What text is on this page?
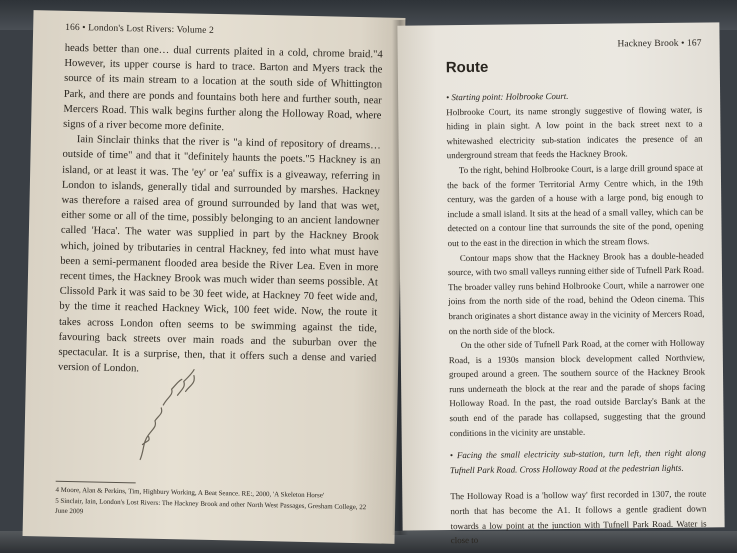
166 • London's Lost Rivers: Volume 2

heads better than one… dual currents plaited in a cold, chrome braid."4 However, its upper course is hard to trace. Barton and Myers track the source of its main stream to a location at the south side of Whittington Park, and there are ponds and fountains both here and further south, near Mercers Road. This walk begins further along the Holloway Road, where signs of a river become more definite.

Iain Sinclair thinks that the river is "a kind of repository of dreams… outside of time" and that it "definitely haunts the poets."5 Hackney is an island, or at least it was. The 'ey' or 'ea' suffix is a giveaway, referring in London to islands, generally tidal and surrounded by marshes. Hackney was therefore a raised area of ground surrounded by land that was wet, either some or all of the time, possibly belonging to an ancient landowner called 'Haca'. The water was supplied in part by the Hackney Brook which, joined by tributaries in central Hackney, fed into what must have been a semi-permanent flooded area beside the River Lea. Even in more recent times, the Hackney Brook was much wider than seems possible. At Clissold Park it was said to be 30 feet wide, at Hackney 70 feet wide and, by the time it reached Hackney Wick, 100 feet wide. Now, the route it takes across London often seems to be swimming against the tide, favouring back streets over main roads and the suburban over the spectacular. It is a surprise, then, that it offers such a dense and varied version of London.

4 Moore, Alan & Perkins, Tim, Highbury Working, A Beat Seance. RE:, 2000, 'A Skeleton Horse'

5 Sinclair, Iain, London's Lost Rivers: The Hackney Brook and other North West Passages, Gresham College, 22 June 2009

Hackney Brook • 167
Route

• Starting point: Holbrooke Court.

Holbrooke Court, its name strongly suggestive of flowing water, is hiding in plain sight. A low point in the back street next to a whitewashed electricity sub-station indicates the presence of an underground stream that feeds the Hackney Brook.

To the right, behind Holbrooke Court, is a large drill ground space at the back of the former Territorial Army Centre which, in the 19th century, was the garden of a house with a large pond, big enough to include a small island. It sits at the head of a small valley, which can be detected on a contour line that surrounds the site of the pond, opening out to the east in the direction in which the stream flows.

Contour maps show that the Hackney Brook has a double-headed source, with two small valleys running either side of Tufnell Park Road. The broader valley runs behind Holbrooke Court, while a narrower one joins from the north side of the road, behind the Odeon cinema. This branch originates a short distance away in the vicinity of Mercers Road, on the north side of the block.

On the other side of Tufnell Park Road, at the corner with Holloway Road, is a 1930s mansion block development called Northview, grouped around a green. The southern source of the Hackney Brook runs underneath the block at the rear and the parade of shops facing Holloway Road. In the past, the road outside Barclay's Bank at the south end of the parade has collapsed, suggesting that the ground conditions in the vicinity are unstable.

• Facing the small electricity sub-station, turn left, then right along Tufnell Park Road. Cross Holloway Road at the pedestrian lights.

The Holloway Road is a 'hollow way' first recorded in 1307, the route north that has become the A1. It follows a gentle gradient down towards a low point at the junction with Tufnell Park Road. Water is close to
